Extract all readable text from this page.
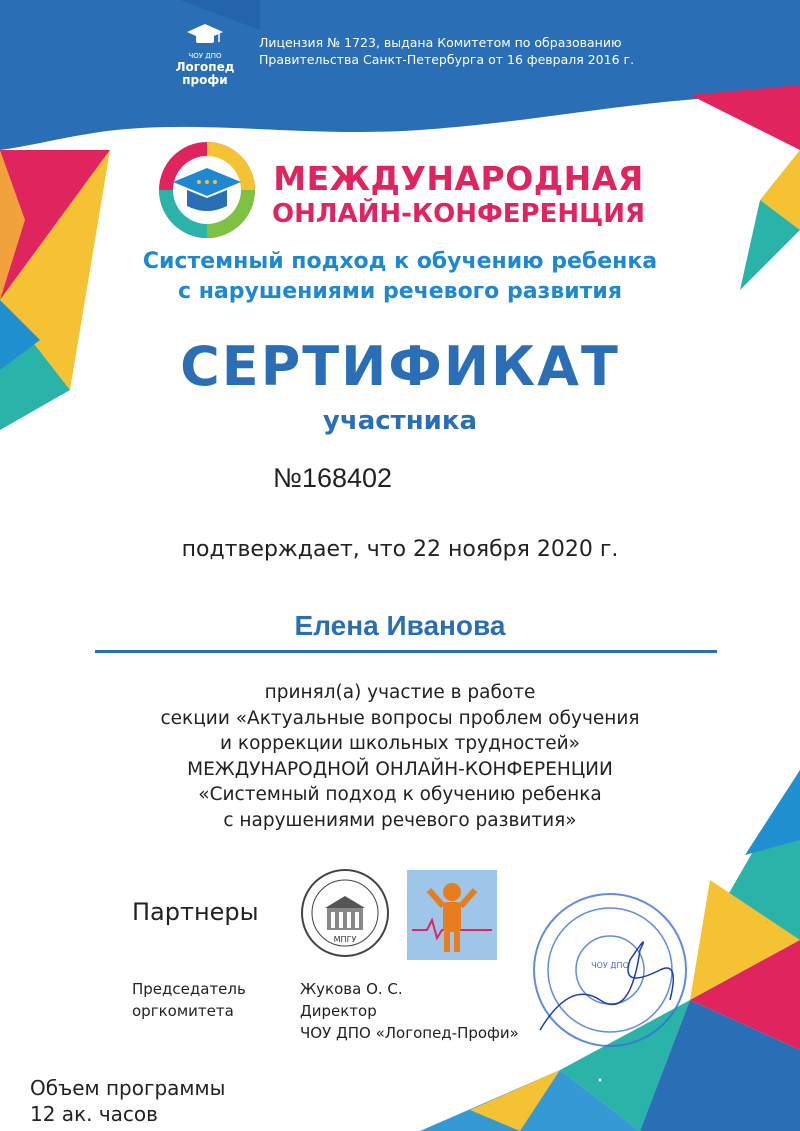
ЧОУ ДПО
Логопед
профи
Лицензия № 1723, выдана Комитетом по образованию
Правительства Санкт-Петербурга от 16 февраля 2016 г.
МЕЖДУНАРОДНАЯ
ОНЛАЙН-КОНФЕРЕНЦИЯ
Системный подход к обучению ребенка
с нарушениями речевого развития
СЕРТИФИКАТ
участника
№168402
подтверждает, что 22 ноября 2020 г.
Елена Иванова
принял(а) участие в работе
секции «Актуальные вопросы проблем обучения
и коррекции школьных трудностей»
МЕЖДУНАРОДНОЙ ОНЛАЙН-КОНФЕРЕНЦИИ
«Системный подход к обучению ребенка
с нарушениями речевого развития»
Партнеры
МПГУ
Председатель
оргкомитета
Жукова О. С.
Директор
ЧОУ ДПО «Логопед-Профи»
ЧОУ ДПО
Объем программы
12 ак. часов
